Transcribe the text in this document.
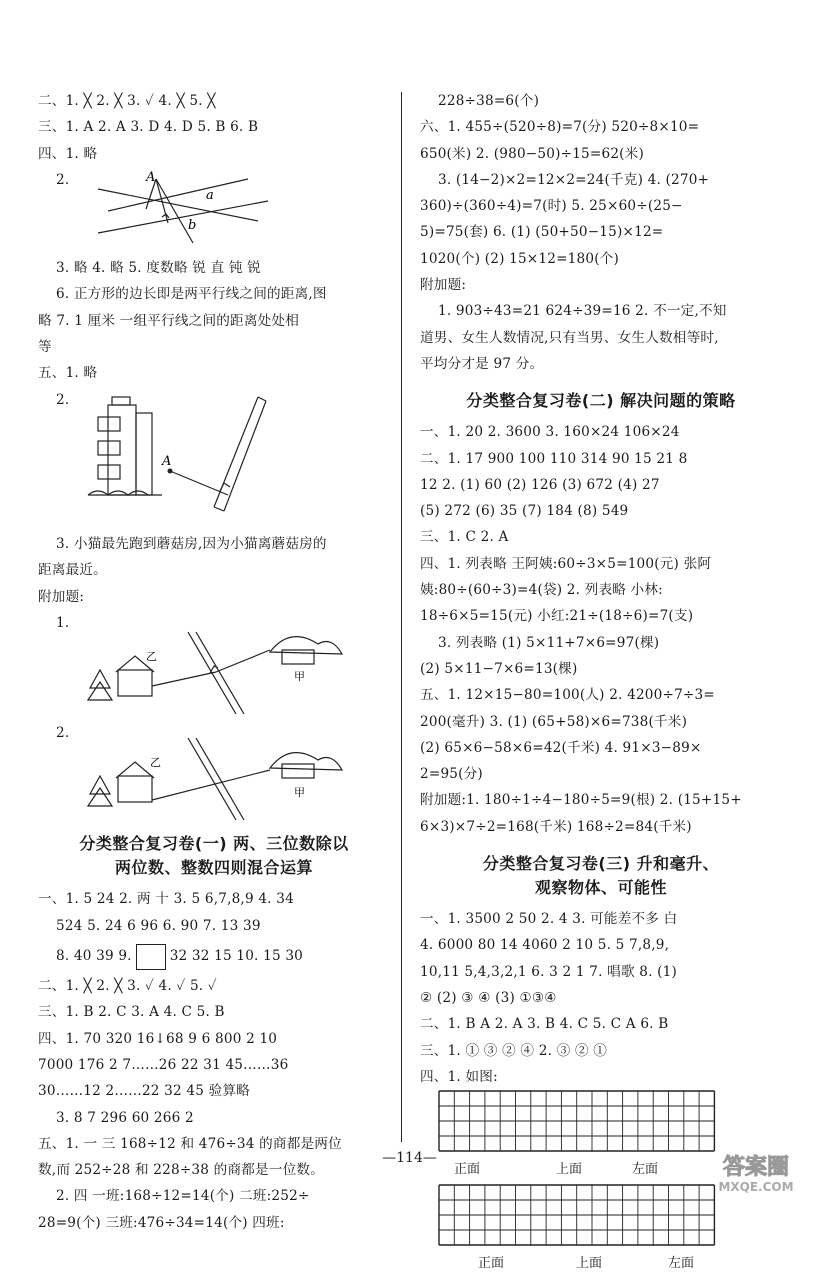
二、1. ╳ 2. ╳ 3. ✓ 4. ╳ 5. ╳
三、1. A 2. A 3. D 4. D 5. B 6. B
四、1. 略
2.	A
a
b
3. 略 4. 略 5. 度数略 锐 直 钝 锐
6. 正方形的边长即是两平行线之间的距离,图
略 7. 1 厘米 一组平行线之间的距离处处相
等
五、1. 略
2.
A
3. 小猫最先跑到蘑菇房,因为小猫离蘑菇房的
距离最近。
附加题:
1.
乙
甲
2.
乙
甲
分类整合复习卷(一) 两、三位数除以
两位数、整数四则混合运算
一、1. 5 24 2. 两 十 3. 5 6,7,8,9 4. 34
524 5. 24 6 96 6. 90 7. 13 39
8. 40 39 9.	32 32 15 10. 15 30
二、1. ╳ 2. ╳ 3. ✓ 4. ✓ 5. ✓
三、1. B 2. C 3. A 4. C 5. B
四、1. 70 320 16↓68 9 6 800 2 10
7000 176 2 7……26 22 31 45……36
30……12 2……22 32 45 验算略
3. 8 7 296 60 266 2
五、1. 一 三 168÷12 和 476÷34 的商都是两位
数,而 252÷28 和 228÷38 的商都是一位数。
2. 四 一班:168÷12=14(个) 二班:252÷
28=9(个) 三班:476÷34=14(个) 四班:
228÷38=6(个)
六、1. 455÷(520÷8)=7(分) 520÷8×10=
650(米) 2. (980−50)÷15=62(米)
3. (14−2)×2=12×2=24(千克) 4. (270+
360)÷(360÷4)=7(时) 5. 25×60÷(25−
5)=75(套) 6. (1) (50+50−15)×12=
1020(个) (2) 15×12=180(个)
附加题:
1. 903÷43=21 624÷39=16 2. 不一定,不知
道男、女生人数情况,只有当男、女生人数相等时,
平均分才是 97 分。
分类整合复习卷(二) 解决问题的策略
一、1. 20 2. 3600 3. 160×24 106×24
二、1. 17 900 100 110 314 90 15 21 8
12 2. (1) 60 (2) 126 (3) 672 (4) 27
(5) 272 (6) 35 (7) 184 (8) 549
三、1. C 2. A
四、1. 列表略 王阿姨:60÷3×5=100(元) 张阿
姨:80÷(60÷3)=4(袋) 2. 列表略 小林:
18÷6×5=15(元) 小红:21÷(18÷6)=7(支)
3. 列表略 (1) 5×11+7×6=97(棵)
(2) 5×11−7×6=13(棵)
五、1. 12×15−80=100(人) 2. 4200÷7÷3=
200(毫升) 3. (1) (65+58)×6=738(千米)
(2) 65×6−58×6=42(千米) 4. 91×3−89×
2=95(分)
附加题:1. 180÷1÷4−180÷5=9(根) 2. (15+15+
6×3)×7÷2=168(千米) 168÷2=84(千米)
分类整合复习卷(三) 升和毫升、
观察物体、可能性
一、1. 3500 2 50 2. 4 3. 可能差不多 白
4. 6000 80 14 4060 2 10 5. 5 7,8,9,
10,11 5,4,3,2,1 6. 3 2 1 7. 唱歌 8. (1)
② (2) ③ ④ (3) ①③④
二、1. B A 2. A 3. B 4. C 5. C A 6. B
三、1. ① ③ ② ④ 2. ③ ② ①
四、1. 如图:
正面	上面	左面
正面	上面	左面
—114—	答案圈
MXQE.COM
